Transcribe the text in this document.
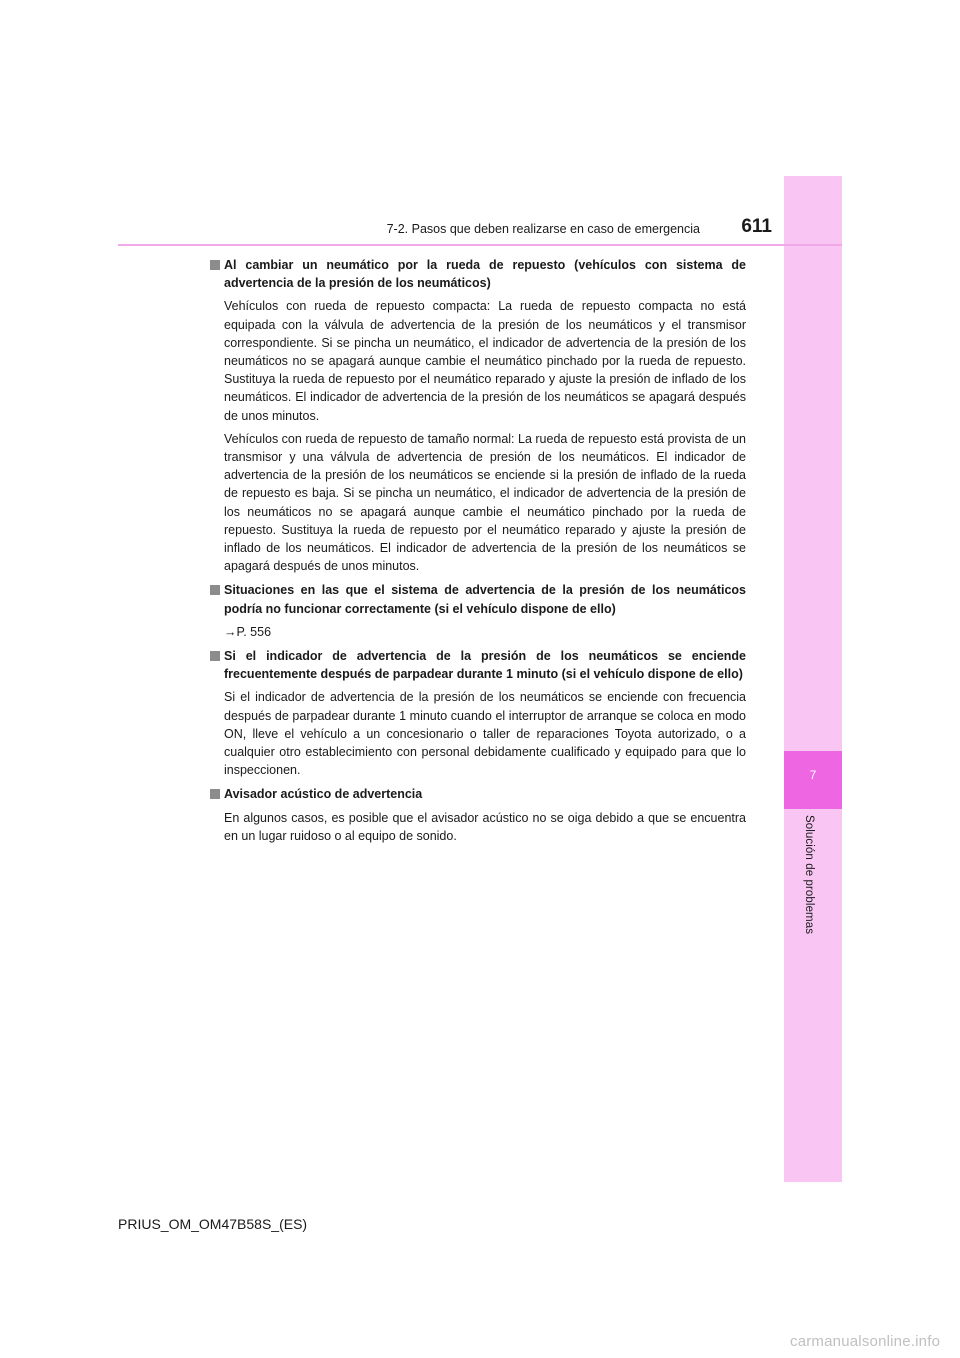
7
Solución de problemas
7-2. Pasos que deben realizarse en caso de emergencia	611
Al cambiar un neumático por la rueda de repuesto (vehículos con sistema de advertencia de la presión de los neumáticos)

Vehículos con rueda de repuesto compacta: La rueda de repuesto compacta no está equipada con la válvula de advertencia de la presión de los neumáticos y el transmisor correspondiente. Si se pincha un neumático, el indicador de advertencia de la presión de los neumáticos no se apagará aunque cambie el neumático pinchado por la rueda de repuesto. Sustituya la rueda de repuesto por el neumático reparado y ajuste la presión de inflado de los neumáticos. El indicador de advertencia de la presión de los neumáticos se apagará después de unos minutos.

Vehículos con rueda de repuesto de tamaño normal: La rueda de repuesto está provista de un transmisor y una válvula de advertencia de presión de los neumáticos. El indicador de advertencia de la presión de los neumáticos se enciende si la presión de inflado de la rueda de repuesto es baja. Si se pincha un neumático, el indicador de advertencia de la presión de los neumáticos no se apagará aunque cambie el neumático pinchado por la rueda de repuesto. Sustituya la rueda de repuesto por el neumático reparado y ajuste la presión de inflado de los neumáticos. El indicador de advertencia de la presión de los neumáticos se apagará después de unos minutos.

Situaciones en las que el sistema de advertencia de la presión de los neumáticos podría no funcionar correctamente (si el vehículo dispone de ello)

→P. 556

Si el indicador de advertencia de la presión de los neumáticos se enciende frecuentemente después de parpadear durante 1 minuto (si el vehículo dispone de ello)

Si el indicador de advertencia de la presión de los neumáticos se enciende con frecuencia después de parpadear durante 1 minuto cuando el interruptor de arranque se coloca en modo ON, lleve el vehículo a un concesionario o taller de reparaciones Toyota autorizado, o a cualquier otro establecimiento con personal debidamente cualificado y equipado para que lo inspeccionen.

Avisador acústico de advertencia

En algunos casos, es posible que el avisador acústico no se oiga debido a que se encuentra en un lugar ruidoso o al equipo de sonido.

PRIUS_OM_OM47B58S_(ES)
carmanualsonline.info
